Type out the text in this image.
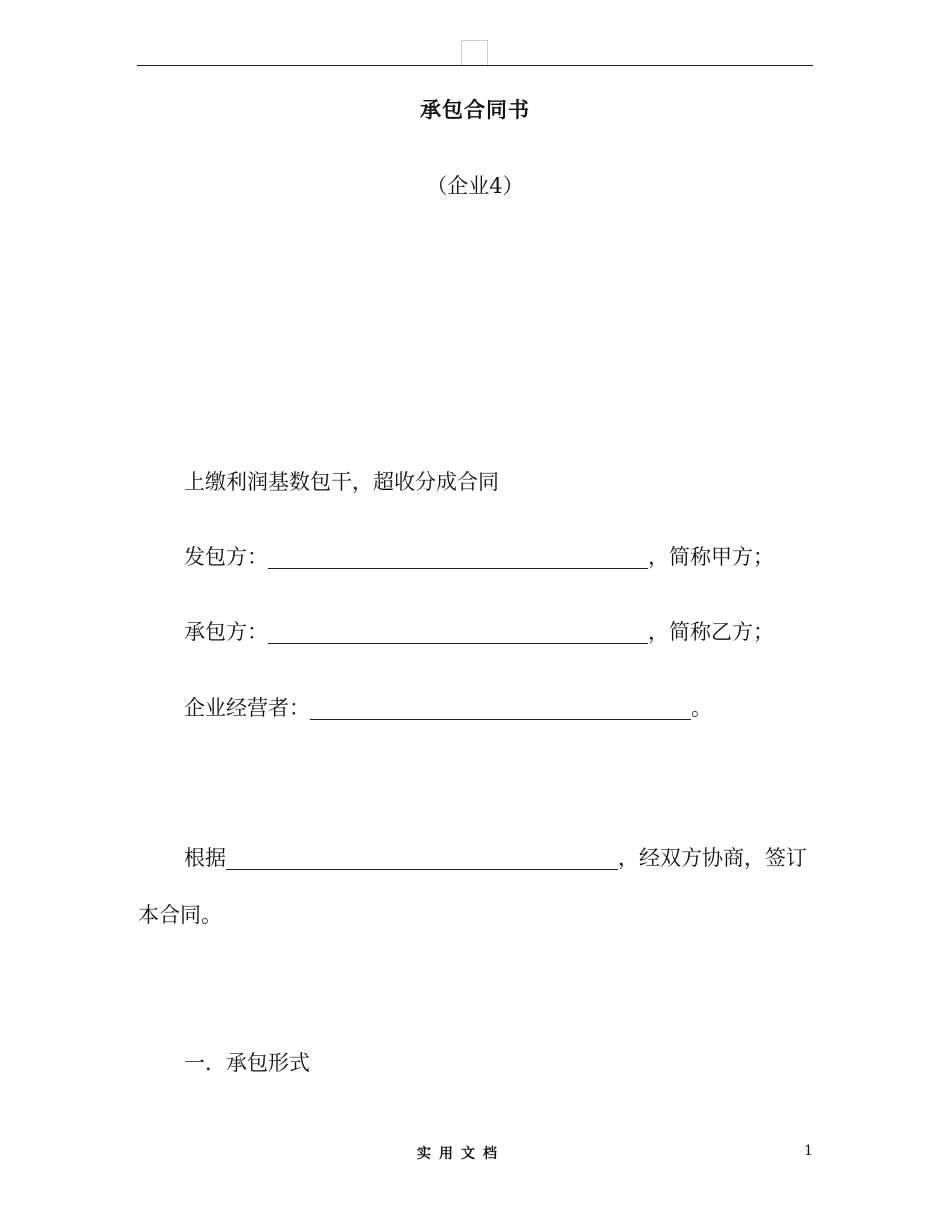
承包合同书
（企业4）
上缴利润基数包干，超收分成合同
发包方：	，简称甲方；
承包方：	，简称乙方；
企业经营者：	。
根据	，经双方协商，签订
本合同。
一．承包形式
实用文档	1
